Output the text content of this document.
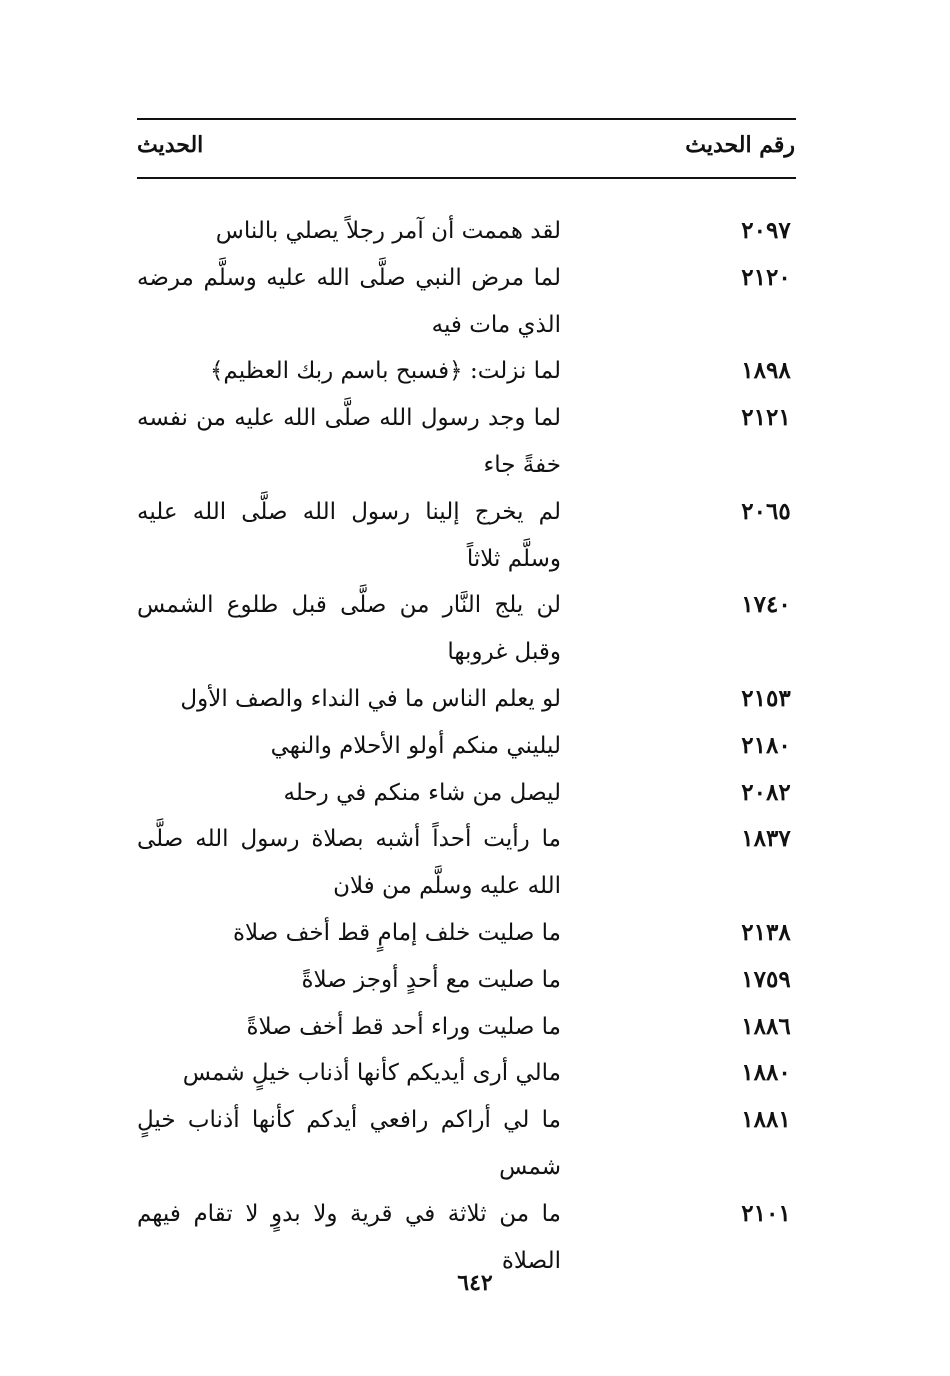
رقم الحديث
الحديث
٢٠٩٧
لقد هممت أن آمر رجلاً يصلي بالناس
٢١٢٠
لما مرض النبي صلَّى الله عليه وسلَّم مرضه الذي مات فيه
١٨٩٨
لما نزلت: ﴿فسبح باسم ربك العظيم﴾
٢١٢١
لما وجد رسول الله صلَّى الله عليه من نفسه خفةً جاء
٢٠٦٥
لم يخرج إلينا رسول الله صلَّى الله عليه وسلَّم ثلاثاً
١٧٤٠
لن يلج النَّار من صلَّى قبل طلوع الشمس وقبل غروبها
٢١٥٣
لو يعلم الناس ما في النداء والصف الأول
٢١٨٠
ليليني منكم أولو الأحلام والنهي
٢٠٨٢
ليصل من شاء منكم في رحله
١٨٣٧
ما رأيت أحداً أشبه بصلاة رسول الله صلَّى الله عليه وسلَّم من فلان
٢١٣٨
ما صليت خلف إمامٍ قط أخف صلاة
١٧٥٩
ما صليت مع أحدٍ أوجز صلاةً
١٨٨٦
ما صليت وراء أحد قط أخف صلاةً
١٨٨٠
مالي أرى أيديكم كأنها أذناب خيلٍ شمس
١٨٨١
ما لي أراكم رافعي أيدكم كأنها أذناب خيلٍ شمس
٢١٠١
ما من ثلاثة في قرية ولا بدوٍ لا تقام فيهم الصلاة
٦٤٢
